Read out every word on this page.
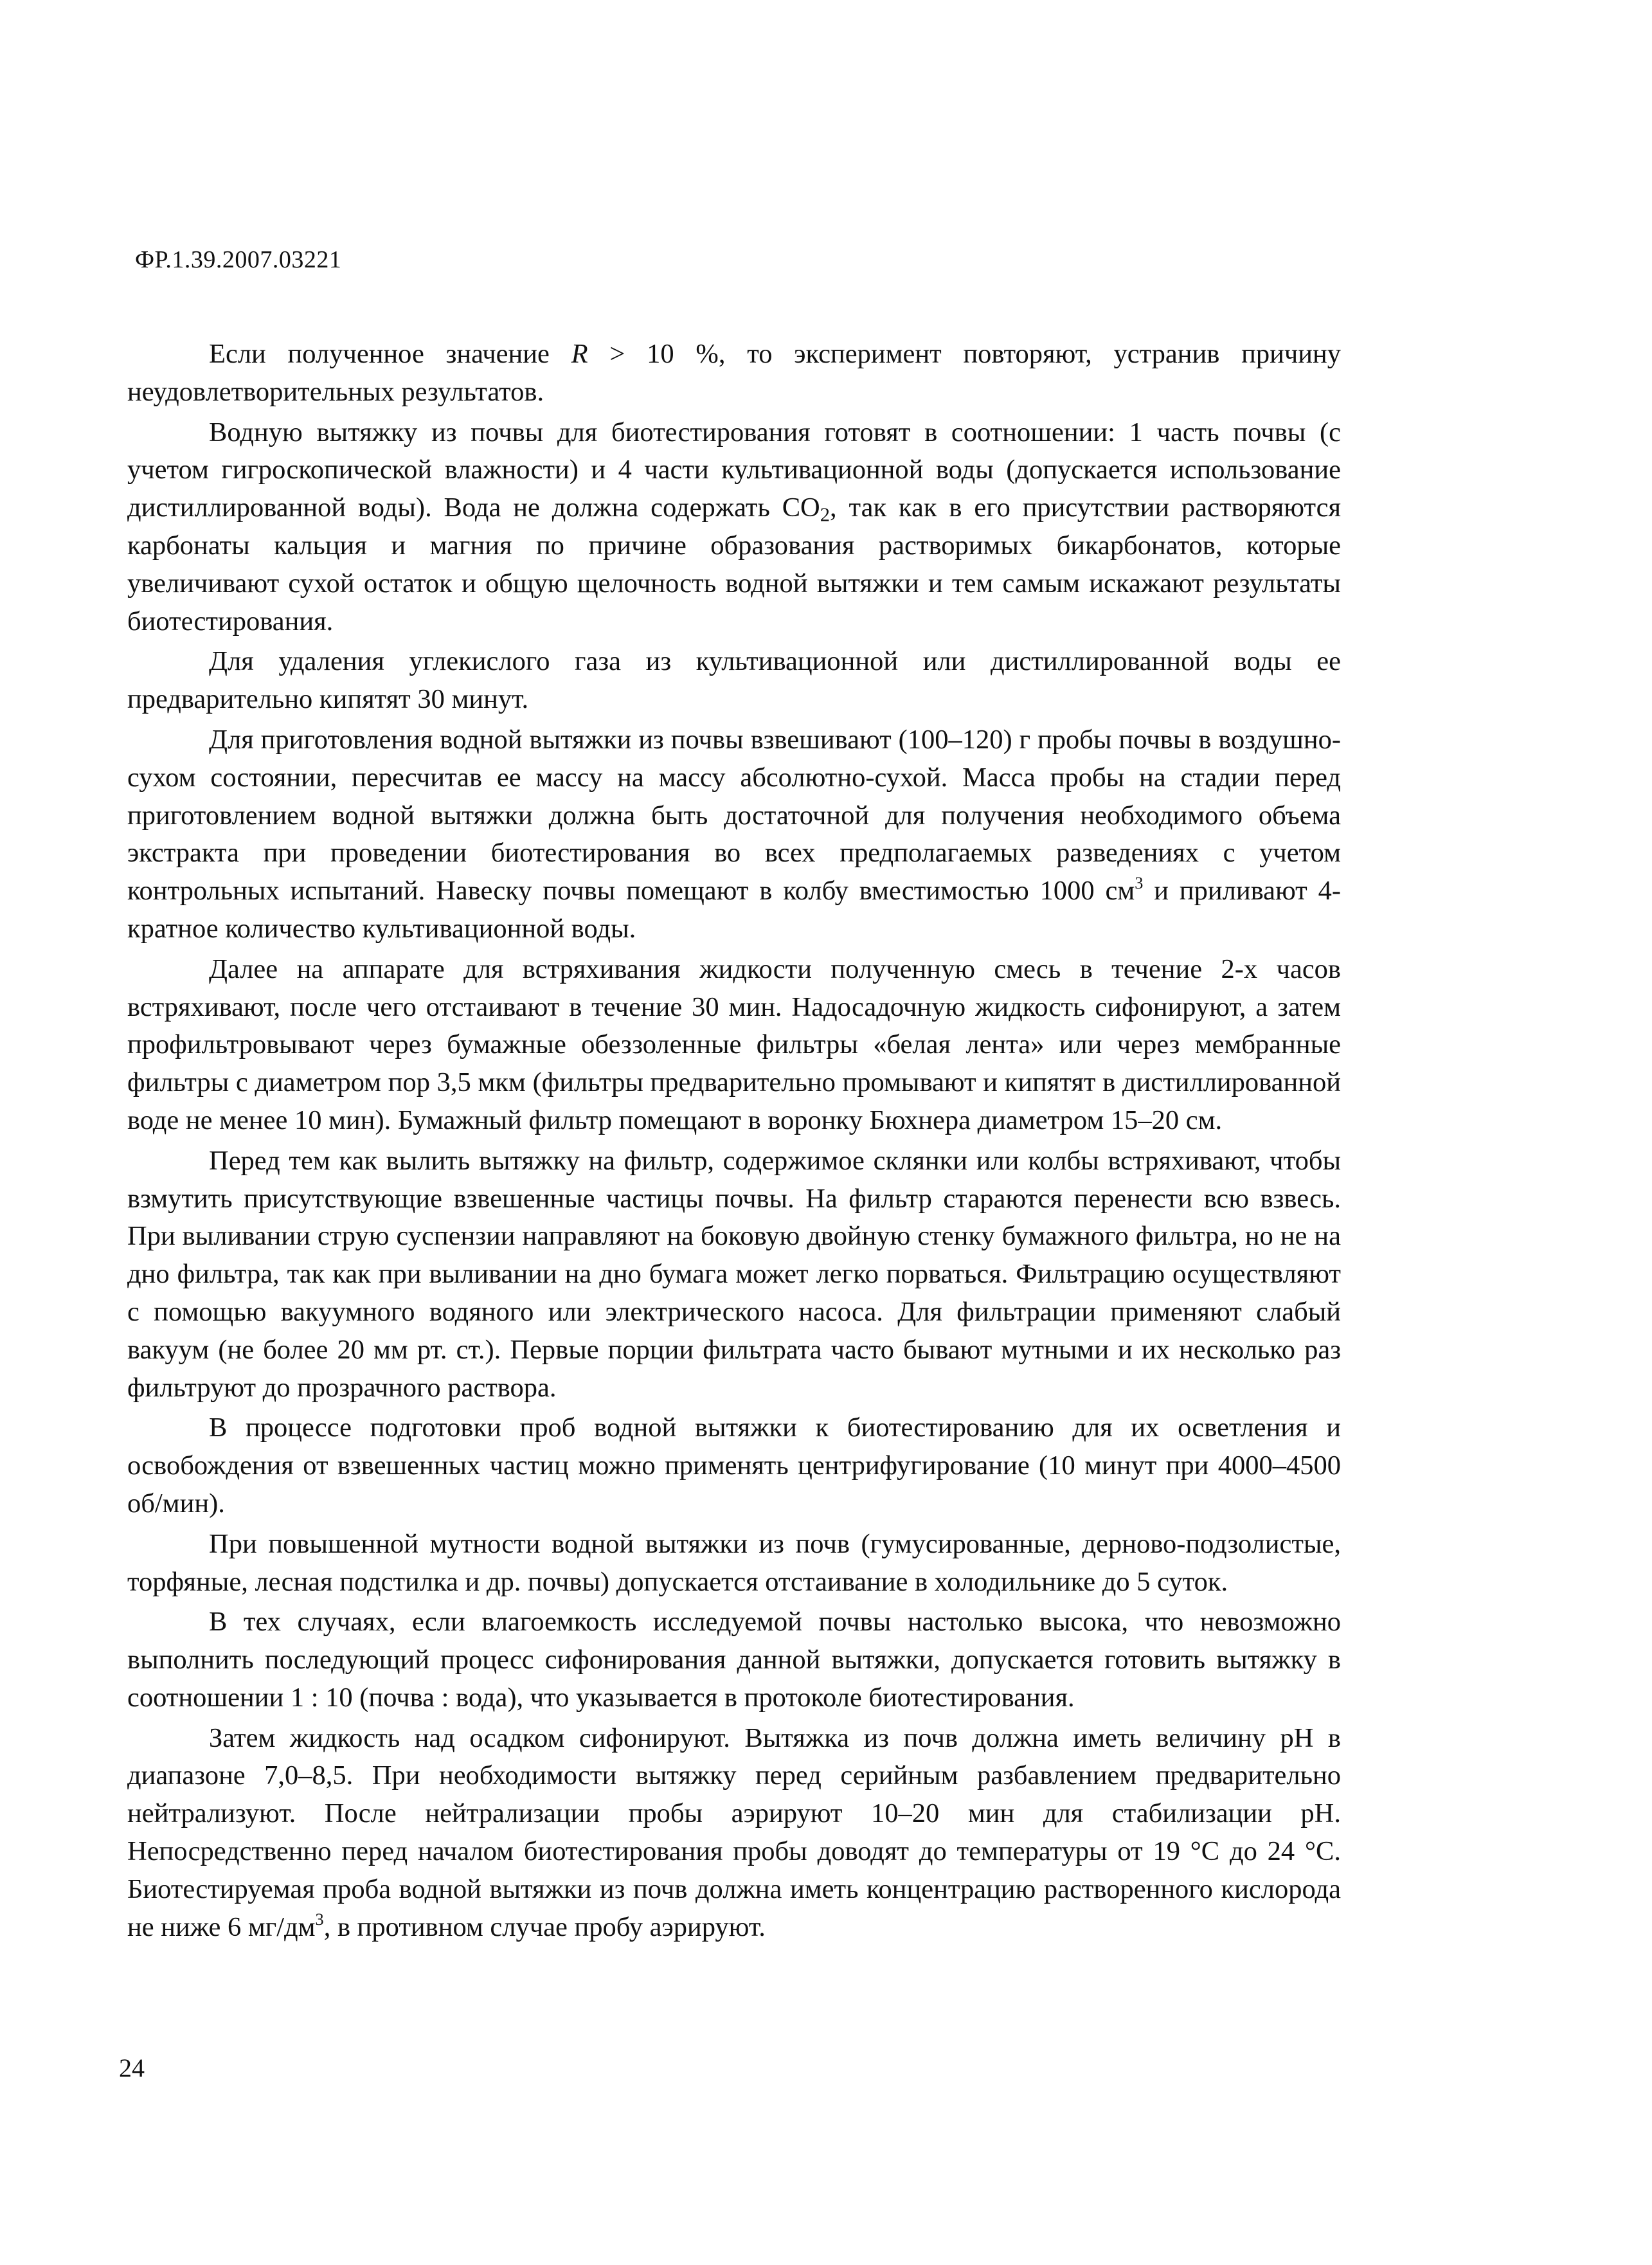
ФР.1.39.2007.03221

Если полученное значение R > 10 %, то эксперимент повторяют, устранив причину неудовлетворительных результатов.

Водную вытяжку из почвы для биотестирования готовят в соотношении: 1 часть почвы (с учетом гигроскопической влажности) и 4 части культивационной воды (допускается использование дистиллированной воды). Вода не должна содержать $СО_2$, так как в его присутствии растворяются карбонаты кальция и магния по причине образования растворимых бикарбонатов, которые увеличивают сухой остаток и общую щелочность водной вытяжки и тем самым искажают результаты биотестирования.

Для удаления углекислого газа из культивационной или дистиллированной воды ее предварительно кипятят 30 минут.

Для приготовления водной вытяжки из почвы взвешивают (100–120) г пробы почвы в воздушно-сухом состоянии, пересчитав ее массу на массу абсолютно-сухой. Масса пробы на стадии перед приготовлением водной вытяжки должна быть достаточной для получения необходимого объема экстракта при проведении биотестирования во всех предполагаемых разведениях с учетом контрольных испытаний. Навеску почвы помещают в колбу вместимостью 1000 $см^3$ и приливают 4-кратное количество культивационной воды.

Далее на аппарате для встряхивания жидкости полученную смесь в течение 2-х часов встряхивают, после чего отстаивают в течение 30 мин. Надосадочную жидкость сифонируют, а затем профильтровывают через бумажные обеззоленные фильтры «белая лента» или через мембранные фильтры с диаметром пор 3,5 мкм (фильтры предварительно промывают и кипятят в дистиллированной воде не менее 10 мин). Бумажный фильтр помещают в воронку Бюхнера диаметром 15–20 см.

Перед тем как вылить вытяжку на фильтр, содержимое склянки или колбы встряхивают, чтобы взмутить присутствующие взвешенные частицы почвы. На фильтр стараются перенести всю взвесь. При выливании струю суспензии направляют на боковую двойную стенку бумажного фильтра, но не на дно фильтра, так как при выливании на дно бумага может легко порваться. Фильтрацию осуществляют с помощью вакуумного водяного или электрического насоса. Для фильтрации применяют слабый вакуум (не более 20 мм рт. ст.). Первые порции фильтрата часто бывают мутными и их несколько раз фильтруют до прозрачного раствора.

В процессе подготовки проб водной вытяжки к биотестированию для их осветления и освобождения от взвешенных частиц можно применять центрифугирование (10 минут при 4000–4500 об/мин).

При повышенной мутности водной вытяжки из почв (гумусированные, дерново-подзолистые, торфяные, лесная подстилка и др. почвы) допускается отстаивание в холодильнике до 5 суток.

В тех случаях, если влагоемкость исследуемой почвы настолько высока, что невозможно выполнить последующий процесс сифонирования данной вытяжки, допускается готовить вытяжку в соотношении 1 : 10 (почва : вода), что указывается в протоколе биотестирования.

Затем жидкость над осадком сифонируют. Вытяжка из почв должна иметь величину рН в диапазоне 7,0–8,5. При необходимости вытяжку перед серийным разбавлением предварительно нейтрализуют. После нейтрализации пробы аэрируют 10–20 мин для стабилизации рН. Непосредственно перед началом биотестирования пробы доводят до температуры от 19 °С до 24 °С. Биотестируемая проба водной вытяжки из почв должна иметь концентрацию растворенного кислорода не ниже 6 $мг/дм^3$, в противном случае пробу аэрируют.

24
